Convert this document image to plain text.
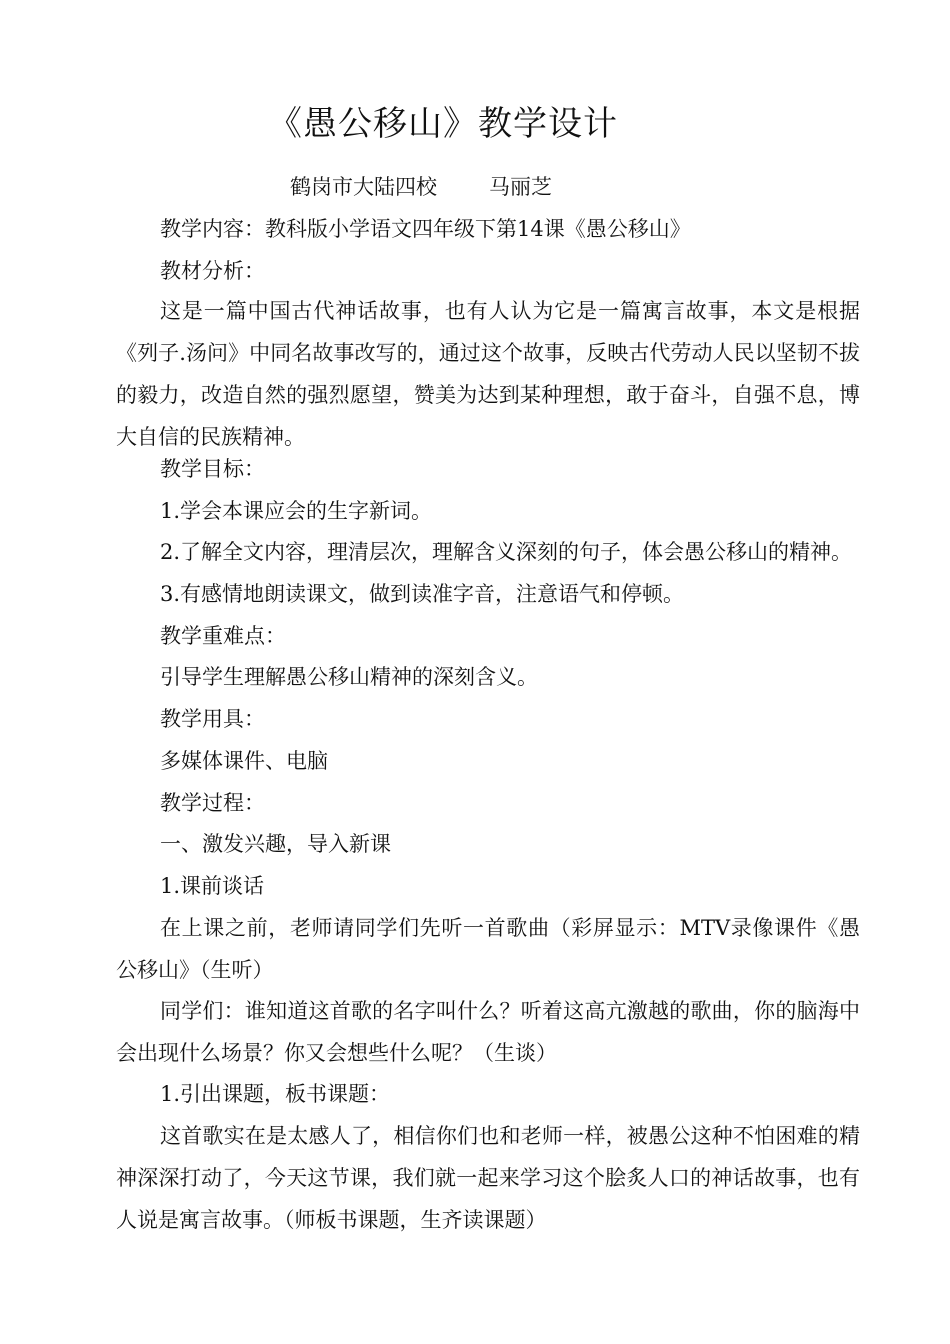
《愚公移山》教学设计
鹤岗市大陆四校 马丽芝
教学内容：教科版小学语文四年级下第14课《愚公移山》
教材分析：

这是一篇中国古代神话故事，也有人认为它是一篇寓言故事，本文是根据《列子.汤问》中同名故事改写的，通过这个故事，反映古代劳动人民以坚韧不拔的毅力，改造自然的强烈愿望，赞美为达到某种理想，敢于奋斗，自强不息，博大自信的民族精神。

教学目标：
1.学会本课应会的生字新词。
2.了解全文内容，理清层次，理解含义深刻的句子，体会愚公移山的精神。
3.有感情地朗读课文，做到读准字音，注意语气和停顿。
教学重难点：
引导学生理解愚公移山精神的深刻含义。
教学用具：
多媒体课件、电脑
教学过程：
一、激发兴趣，导入新课
1.课前谈话

在上课之前，老师请同学们先听一首歌曲（彩屏显示：MTV录像课件《愚公移山》（生听）

同学们：谁知道这首歌的名字叫什么？听着这高亢激越的歌曲，你的脑海中会出现什么场景？你又会想些什么呢？（生谈）

1.引出课题，板书课题：

这首歌实在是太感人了，相信你们也和老师一样，被愚公这种不怕困难的精神深深打动了，今天这节课，我们就一起来学习这个脍炙人口的神话故事，也有人说是寓言故事。（师板书课题，生齐读课题）
